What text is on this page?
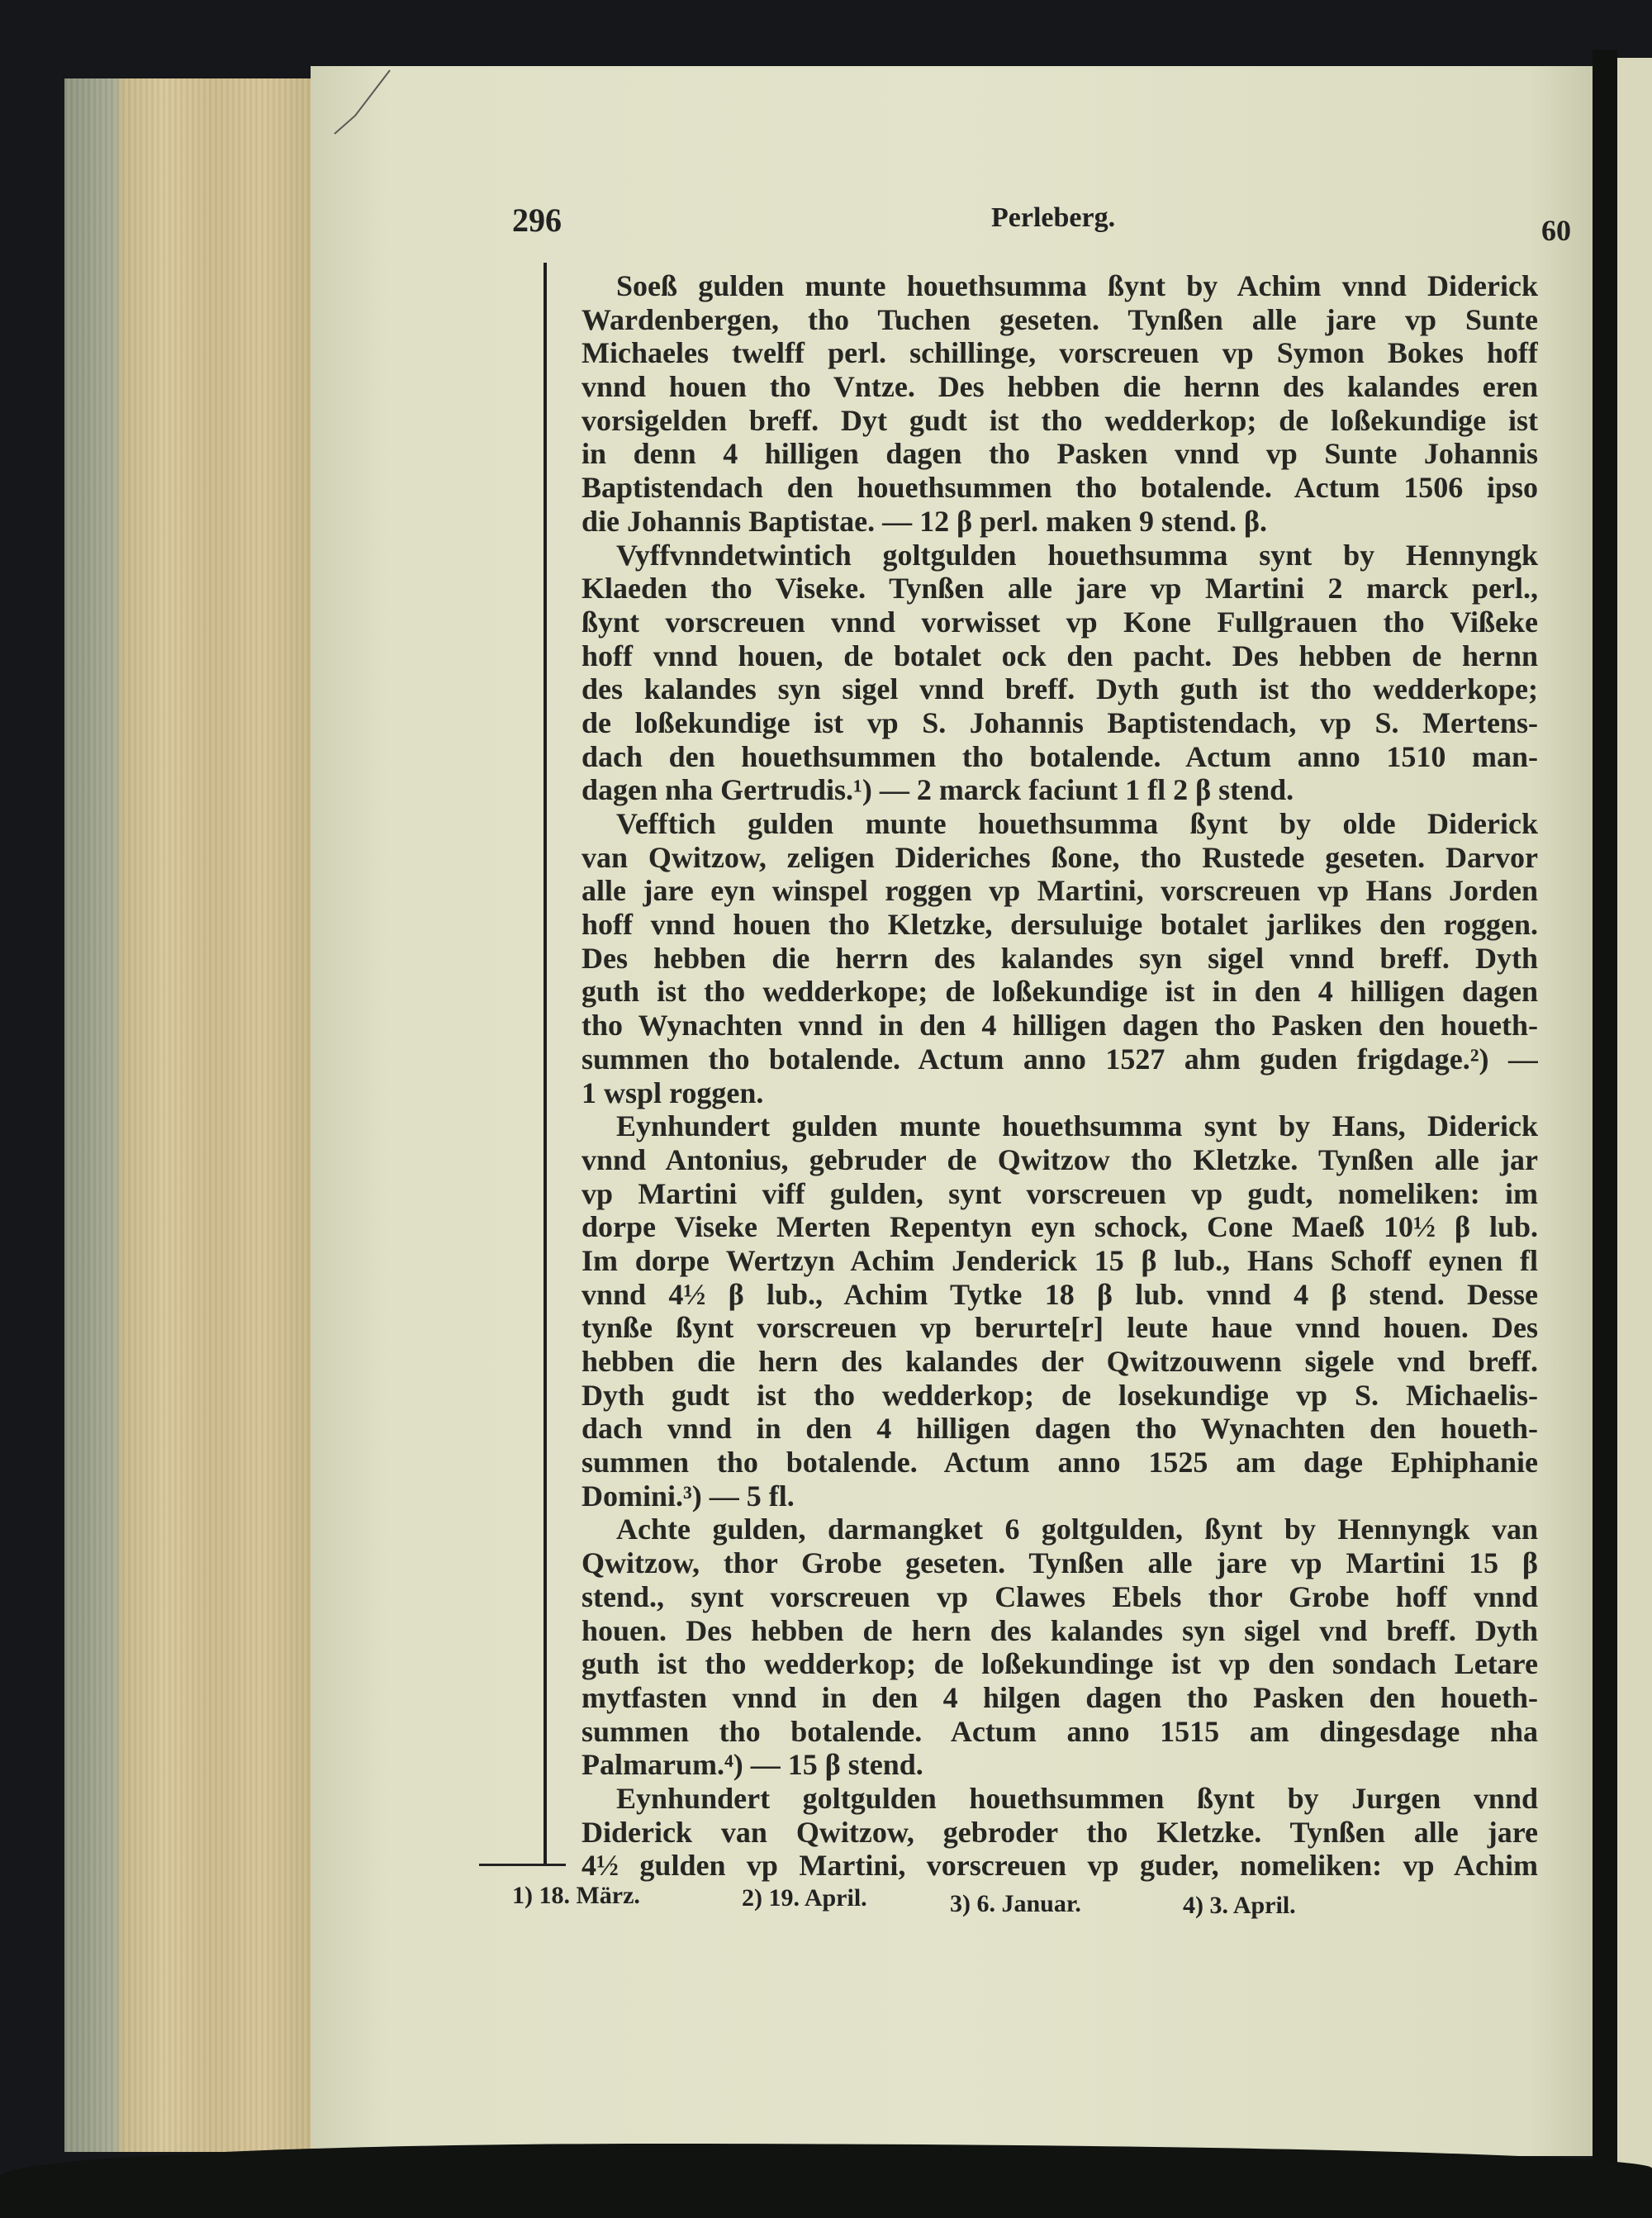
296	Perleberg.	60
Soeß gulden munte houethsumma ßynt by Achim vnnd Diderick
Wardenbergen, tho Tuchen geseten. Tynßen alle jare vp Sunte
Michaeles twelff perl. schillinge, vorscreuen vp Symon Bokes hoff
vnnd houen tho Vntze. Des hebben die hernn des kalandes eren
vorsigelden breff. Dyt gudt ist tho wedderkop; de loßekundige ist
in denn 4 hilligen dagen tho Pasken vnnd vp Sunte Johannis
Baptistendach den houethsummen tho botalende. Actum 1506 ipso
die Johannis Baptistae. — 12 β perl. maken 9 stend. β.
Vyffvnndetwintich goltgulden houethsumma synt by Hennyngk
Klaeden tho Viseke. Tynßen alle jare vp Martini 2 marck perl.,
ßynt vorscreuen vnnd vorwisset vp Kone Fullgrauen tho Vißeke
hoff vnnd houen, de botalet ock den pacht. Des hebben de hernn
des kalandes syn sigel vnnd breff. Dyth guth ist tho wedderkope;
de loßekundige ist vp S. Johannis Baptistendach, vp S. Mertens-
dach den houethsummen tho botalende. Actum anno 1510 man-
dagen nha Gertrudis.¹) — 2 marck faciunt 1 fl 2 β stend.
Vefftich gulden munte houethsumma ßynt by olde Diderick
van Qwitzow, zeligen Dideriches ßone, tho Rustede geseten. Darvor
alle jare eyn winspel roggen vp Martini, vorscreuen vp Hans Jorden
hoff vnnd houen tho Kletzke, dersuluige botalet jarlikes den roggen.
Des hebben die herrn des kalandes syn sigel vnnd breff. Dyth
guth ist tho wedderkope; de loßekundige ist in den 4 hilligen dagen
tho Wynachten vnnd in den 4 hilligen dagen tho Pasken den houeth-
summen tho botalende. Actum anno 1527 ahm guden frigdage.²) —
1 wspl roggen.
Eynhundert gulden munte houethsumma synt by Hans, Diderick
vnnd Antonius, gebruder de Qwitzow tho Kletzke. Tynßen alle jar
vp Martini viff gulden, synt vorscreuen vp gudt, nomeliken: im
dorpe Viseke Merten Repentyn eyn schock, Cone Maeß 10½ β lub.
Im dorpe Wertzyn Achim Jenderick 15 β lub., Hans Schoff eynen fl
vnnd 4½ β lub., Achim Tytke 18 β lub. vnnd 4 β stend. Desse
tynße ßynt vorscreuen vp berurte[r] leute haue vnnd houen. Des
hebben die hern des kalandes der Qwitzouwenn sigele vnd breff.
Dyth gudt ist tho wedderkop; de losekundige vp S. Michaelis-
dach vnnd in den 4 hilligen dagen tho Wynachten den houeth-
summen tho botalende. Actum anno 1525 am dage Ephiphanie
Domini.³) — 5 fl.
Achte gulden, darmangket 6 goltgulden, ßynt by Hennyngk van
Qwitzow, thor Grobe geseten. Tynßen alle jare vp Martini 15 β
stend., synt vorscreuen vp Clawes Ebels thor Grobe hoff vnnd
houen. Des hebben de hern des kalandes syn sigel vnd breff. Dyth
guth ist tho wedderkop; de loßekundinge ist vp den sondach Letare
mytfasten vnnd in den 4 hilgen dagen tho Pasken den houeth-
summen tho botalende. Actum anno 1515 am dingesdage nha
Palmarum.⁴) — 15 β stend.
Eynhundert goltgulden houethsummen ßynt by Jurgen vnnd
Diderick van Qwitzow, gebroder tho Kletzke. Tynßen alle jare
4½ gulden vp Martini, vorscreuen vp guder, nomeliken: vp Achim
1) 18. März.	2) 19. April.	3) 6. Januar.	4) 3. April.
